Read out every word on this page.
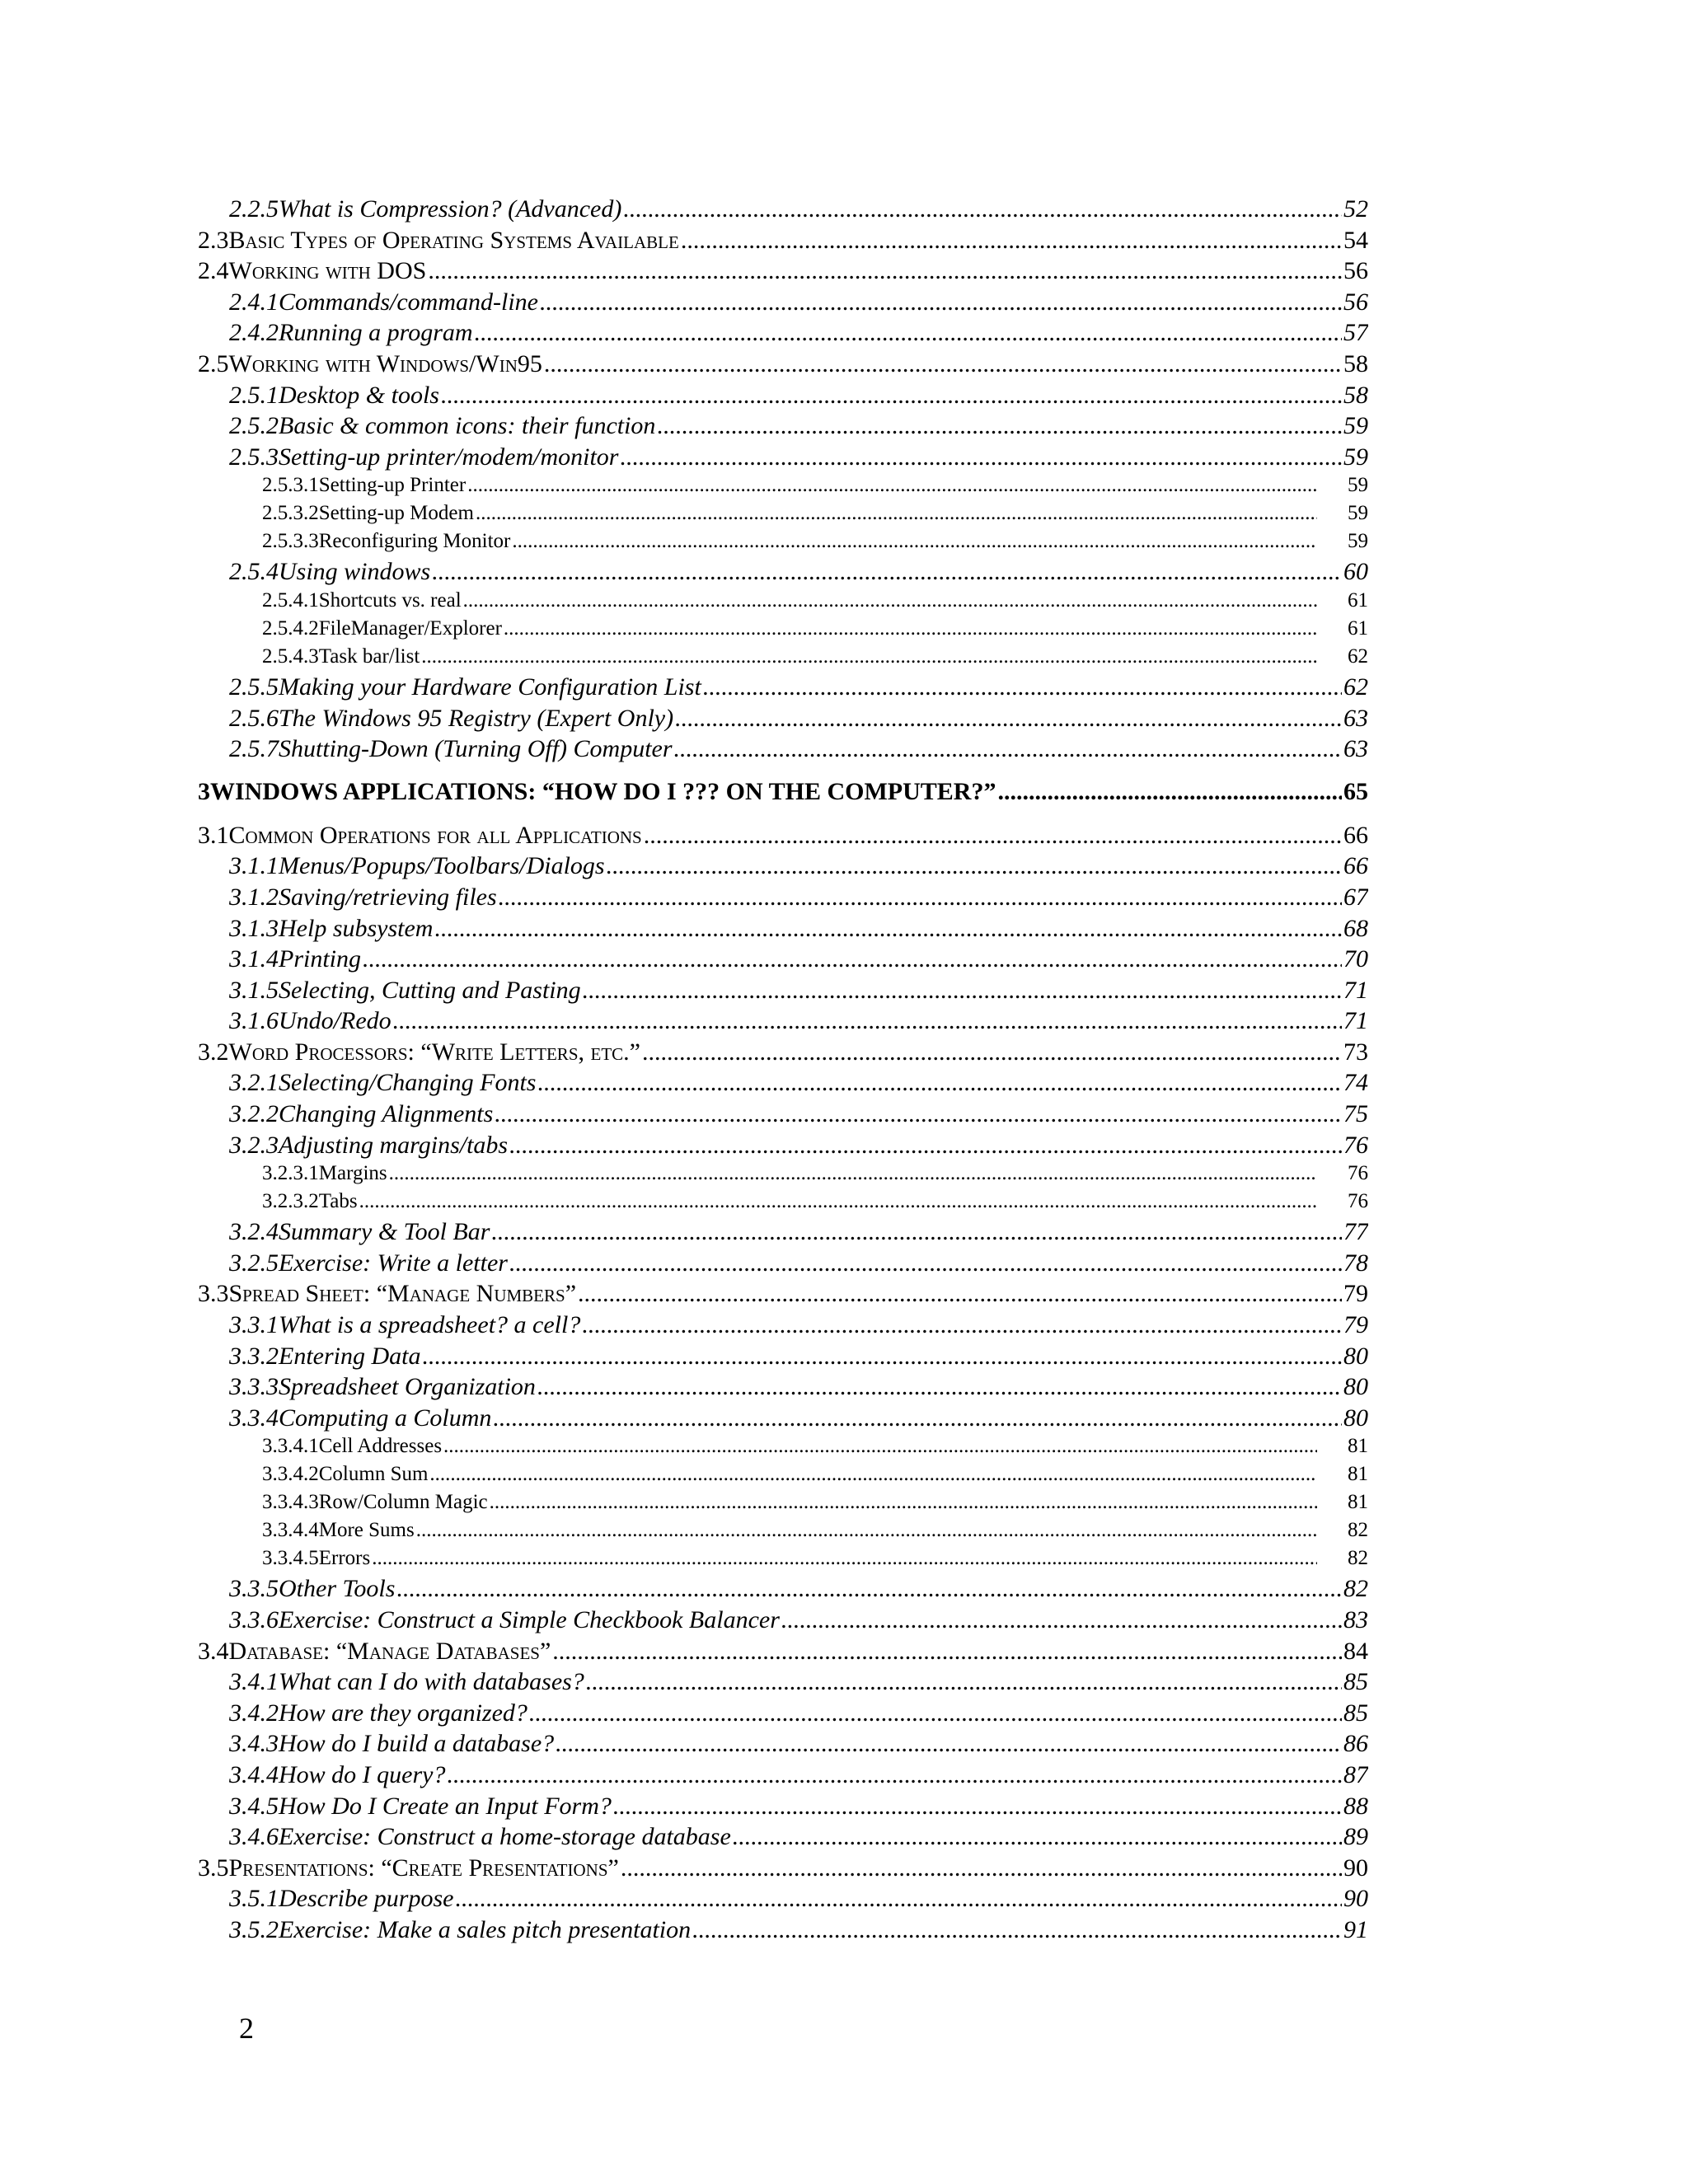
2.2.5What is Compression? (Advanced) .....	52
2.3Basic Types of Operating Systems Available .....	54
2.4Working with DOS .....	56
2.4.1Commands/command-line .....	56
2.4.2Running a program .....	57
2.5Working with Windows/Win95 .....	58
2.5.1Desktop & tools .....	58
2.5.2Basic & common icons: their function .....	59
2.5.3Setting-up printer/modem/monitor .....	59
2.5.3.1Setting-up Printer .....	59
2.5.3.2Setting-up Modem .....	59
2.5.3.3Reconfiguring Monitor .....	59
2.5.4Using windows .....	60
2.5.4.1Shortcuts vs. real .....	61
2.5.4.2FileManager/Explorer .....	61
2.5.4.3Task bar/list .....	62
2.5.5Making your Hardware Configuration List .....	62
2.5.6The Windows 95 Registry (Expert Only) .....	63
2.5.7Shutting-Down (Turning Off) Computer .....	63
3WINDOWS APPLICATIONS: “HOW DO I ??? ON THE COMPUTER?” .....	65
3.1Common Operations for all Applications .....	66
3.1.1Menus/Popups/Toolbars/Dialogs .....	66
3.1.2Saving/retrieving files .....	67
3.1.3Help subsystem .....	68
3.1.4Printing .....	70
3.1.5Selecting, Cutting and Pasting .....	71
3.1.6Undo/Redo .....	71
3.2Word Processors: “Write Letters, etc.” .....	73
3.2.1Selecting/Changing Fonts .....	74
3.2.2Changing Alignments .....	75
3.2.3Adjusting margins/tabs .....	76
3.2.3.1Margins .....	76
3.2.3.2Tabs .....	76
3.2.4Summary & Tool Bar .....	77
3.2.5Exercise: Write a letter .....	78
3.3Spread Sheet: “Manage Numbers” .....	79
3.3.1What is a spreadsheet? a cell? .....	79
3.3.2Entering Data .....	80
3.3.3Spreadsheet Organization .....	80
3.3.4Computing a Column .....	80
3.3.4.1Cell Addresses .....	81
3.3.4.2Column Sum .....	81
3.3.4.3Row/Column Magic .....	81
3.3.4.4More Sums .....	82
3.3.4.5Errors .....	82
3.3.5Other Tools .....	82
3.3.6Exercise: Construct a Simple Checkbook Balancer .....	83
3.4Database: “Manage Databases” .....	84
3.4.1What can I do with databases? .....	85
3.4.2How are they organized? .....	85
3.4.3How do I build a database? .....	86
3.4.4How do I query? .....	87
3.4.5How Do I Create an Input Form? .....	88
3.4.6Exercise: Construct a home-storage database .....	89
3.5Presentations: “Create Presentations” .....	90
3.5.1Describe purpose .....	90
3.5.2Exercise: Make a sales pitch presentation .....	91
2
